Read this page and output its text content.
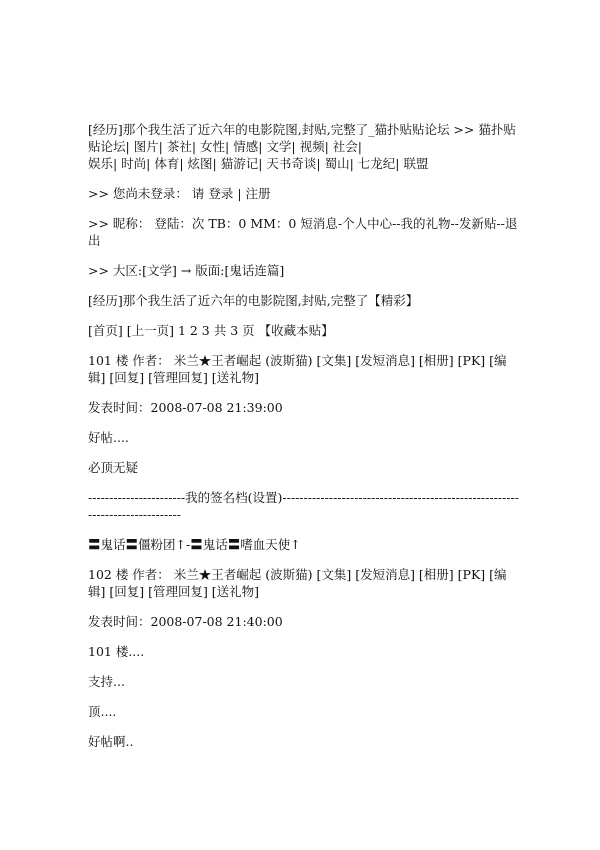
[经历]那个我生活了近六年的电影院图,封贴,完整了_猫扑贴贴论坛 >> 猫扑贴贴论坛| 图片| 茶社| 女性| 情感| 文学| 视频| 社会|

娱乐| 时尚| 体育| 炫图| 猫游记| 天书奇谈| 蜀山| 七龙纪| 联盟

>> 您尚未登录： 请 登录 | 注册

>> 昵称： 登陆：次 TB：0 MM：0 短消息-个人中心--我的礼物--发新贴--退出

>> 大区:[文学] → 版面:[鬼话连篇]

[经历]那个我生活了近六年的电影院图,封贴,完整了【精彩】

[首页] [上一页] 1 2 3 共 3 页 【收藏本贴】

101 楼 作者： 米兰★王者崛起 (波斯猫) [文集] [发短消息] [相册] [PK] [编辑] [回复] [管理回复] [送礼物]

发表时间：2008-07-08 21:39:00

好帖....

必顶无疑

-----------------------我的签名档(设置)------------------------------------------------------------------------------

〓鬼话〓僵粉团↑-〓鬼话〓嗜血天使↑

102 楼 作者： 米兰★王者崛起 (波斯猫) [文集] [发短消息] [相册] [PK] [编辑] [回复] [管理回复] [送礼物]

发表时间：2008-07-08 21:40:00

101 楼....

支持...

顶....

好帖啊..
